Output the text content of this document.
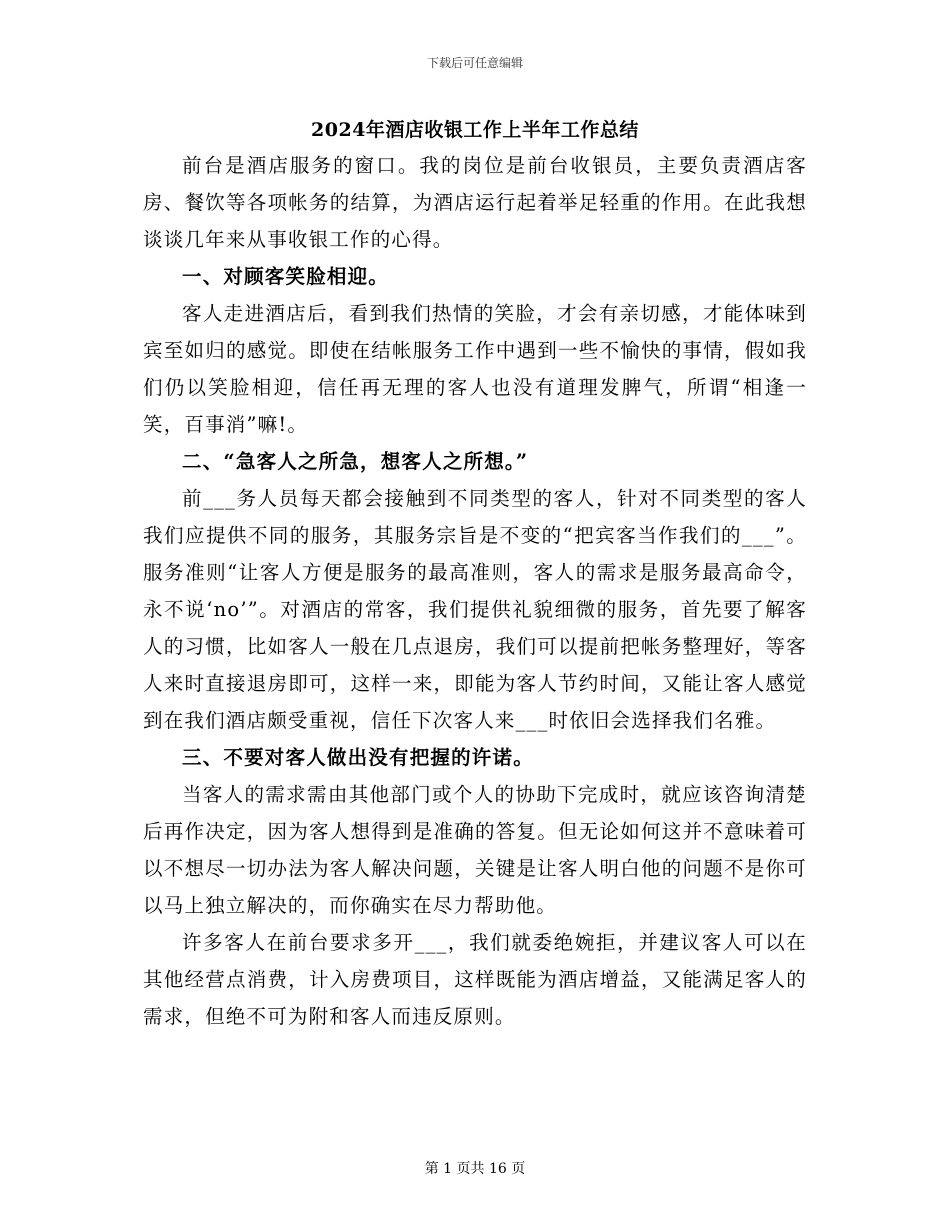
下载后可任意编辑
2024年酒店收银工作上半年工作总结

前台是酒店服务的窗口。我的岗位是前台收银员，主要负责酒店客房、餐饮等各项帐务的结算，为酒店运行起着举足轻重的作用。在此我想谈谈几年来从事收银工作的心得。

一、对顾客笑脸相迎。

客人走进酒店后，看到我们热情的笑脸，才会有亲切感，才能体味到宾至如归的感觉。即使在结帐服务工作中遇到一些不愉快的事情，假如我们仍以笑脸相迎，信任再无理的客人也没有道理发脾气，所谓“相逢一笑，百事消”嘛!。

二、“急客人之所急，想客人之所想。”

前___务人员每天都会接触到不同类型的客人，针对不同类型的客人我们应提供不同的服务，其服务宗旨是不变的“把宾客当作我们的___”。服务准则“让客人方便是服务的最高准则，客人的需求是服务最高命令，永不说‘no’”。对酒店的常客，我们提供礼貌细微的服务，首先要了解客人的习惯，比如客人一般在几点退房，我们可以提前把帐务整理好，等客人来时直接退房即可，这样一来，即能为客人节约时间，又能让客人感觉到在我们酒店颇受重视，信任下次客人来___时依旧会选择我们名雅。

三、不要对客人做出没有把握的许诺。

当客人的需求需由其他部门或个人的协助下完成时，就应该咨询清楚后再作决定，因为客人想得到是准确的答复。但无论如何这并不意味着可以不想尽一切办法为客人解决问题，关键是让客人明白他的问题不是你可以马上独立解决的，而你确实在尽力帮助他。

许多客人在前台要求多开___，我们就委绝婉拒，并建议客人可以在其他经营点消费，计入房费项目，这样既能为酒店增益，又能满足客人的需求，但绝不可为附和客人而违反原则。

第 1 页共 16 页
